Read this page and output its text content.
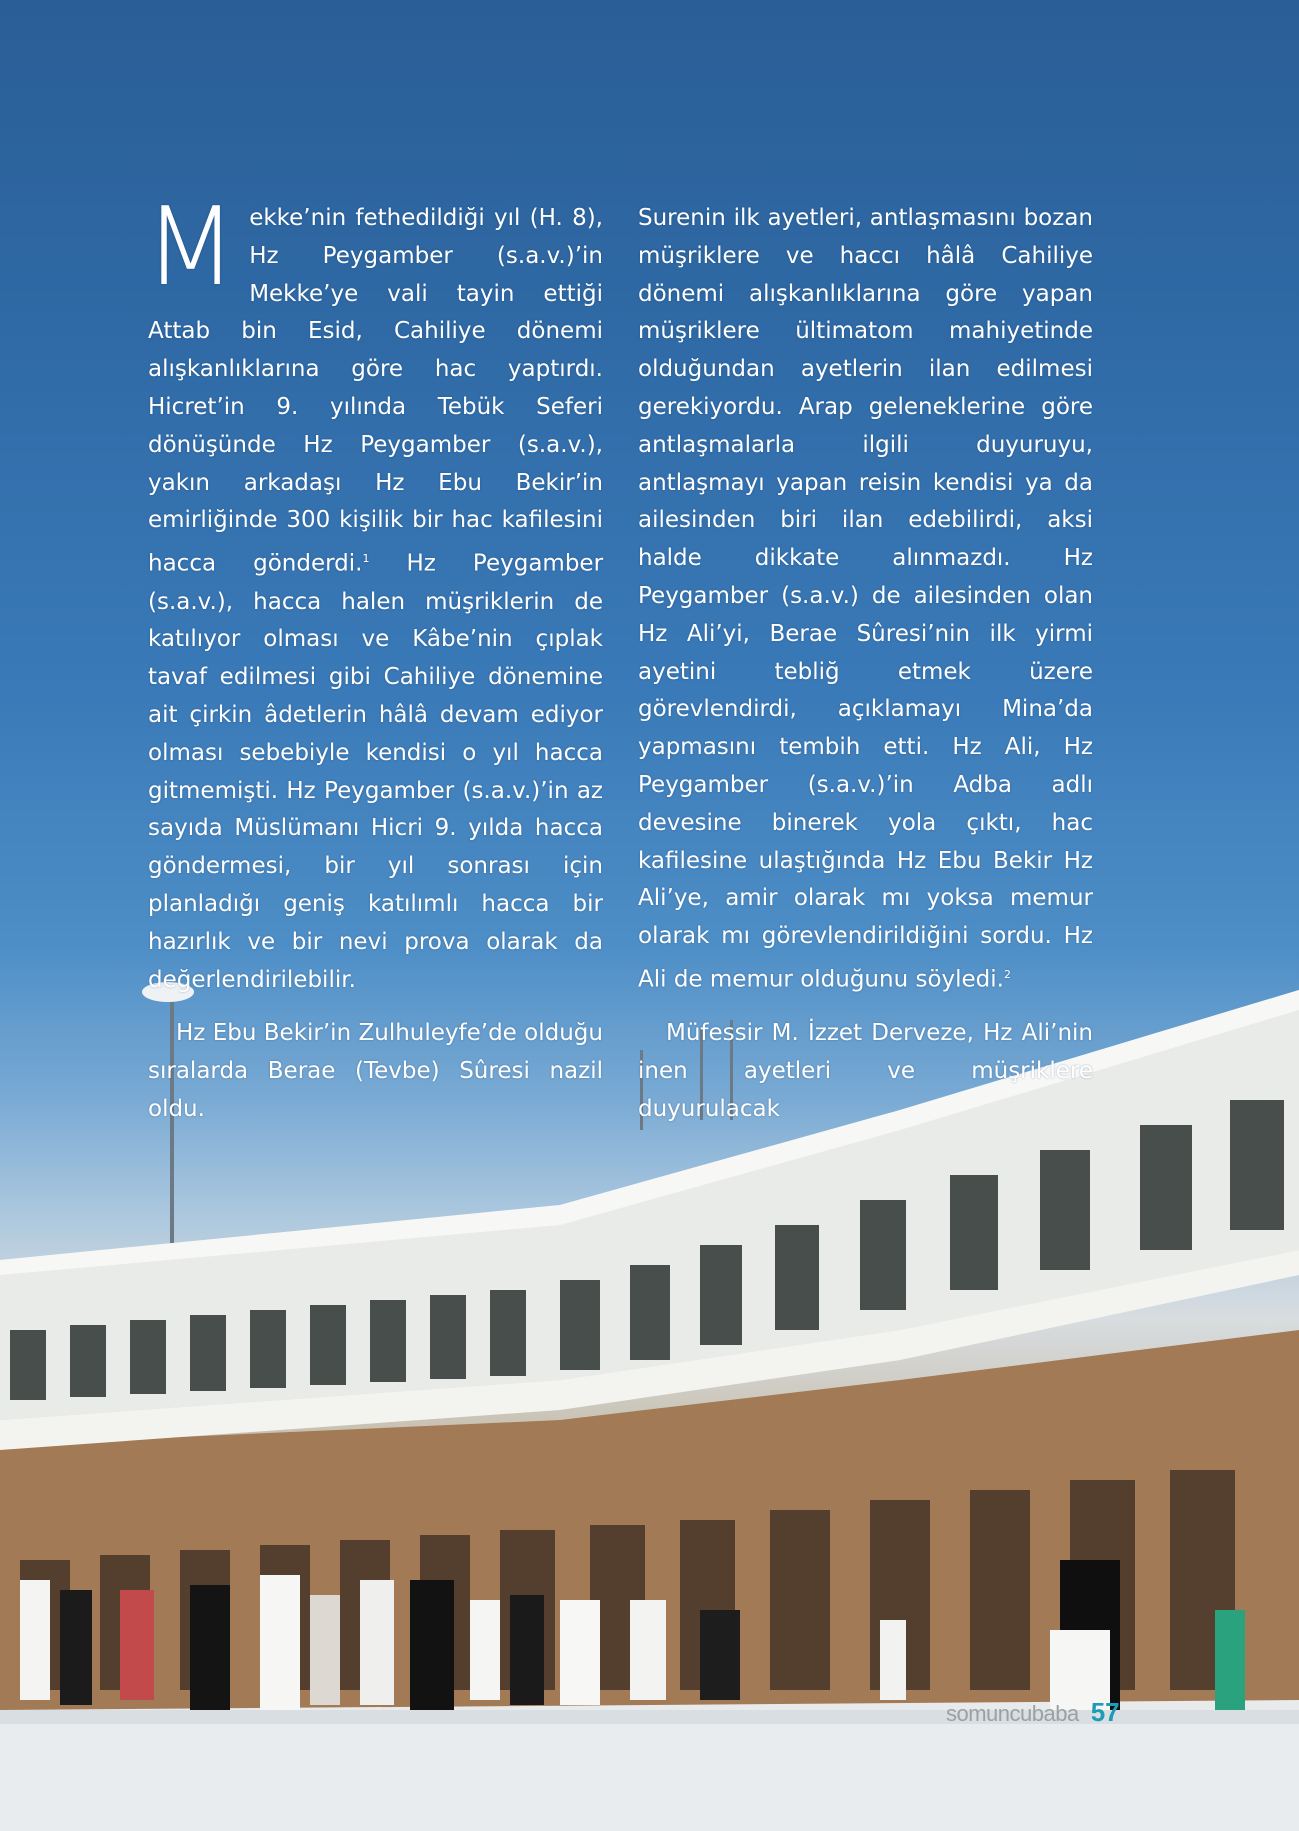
Mekke’nin fethedildiği yıl (H. 8), Hz Peygamber (s.a.v.)’in Mekke’ye vali tayin ettiği Attab bin Esid, Cahiliye dönemi alışkanlıklarına göre hac yaptırdı. Hicret’in 9. yılında Tebük Seferi dönüşünde Hz Peygamber (s.a.v.), yakın arkadaşı Hz Ebu Bekir’in emirliğinde 300 kişilik bir hac kafilesini hacca gönderdi.$^1$ Hz Peygamber (s.a.v.), hacca halen müşriklerin de katılıyor olması ve Kâbe’nin çıplak tavaf edilmesi gibi Cahiliye dönemine ait çirkin âdetlerin hâlâ devam ediyor olması sebebiyle kendisi o yıl hacca gitmemişti. Hz Peygamber (s.a.v.)’in az sayıda Müslümanı Hicri 9. yılda hacca göndermesi, bir yıl sonrası için planladığı geniş katılımlı hacca bir hazırlık ve bir nevi prova olarak da değerlendirilebilir.

Hz Ebu Bekir’in Zulhuleyfe’de olduğu sıralarda Berae (Tevbe) Sûresi nazil oldu.

Surenin ilk ayetleri, antlaşmasını bozan müşriklere ve haccı hâlâ Cahiliye dönemi alışkanlıklarına göre yapan müşriklere ültimatom mahiyetinde olduğundan ayetlerin ilan edilmesi gerekiyordu. Arap geleneklerine göre antlaşmalarla ilgili duyuruyu, antlaşmayı yapan reisin kendisi ya da ailesinden biri ilan edebilirdi, aksi halde dikkate alınmazdı. Hz Peygamber (s.a.v.) de ailesinden olan Hz Ali’yi, Berae Sûresi’nin ilk yirmi ayetini tebliğ etmek üzere görevlendirdi, açıklamayı Mina’da yapmasını tembih etti. Hz Ali, Hz Peygamber (s.a.v.)’in Adba adlı devesine binerek yola çıktı, hac kafilesine ulaştığında Hz Ebu Bekir Hz Ali’ye, amir olarak mı yoksa memur olarak mı görevlendirildiğini sordu. Hz Ali de memur olduğunu söyledi.$^2$

Müfessir M. İzzet Derveze, Hz Ali’nin inen ayetleri ve müşriklere duyurulacak

somuncubaba 57
